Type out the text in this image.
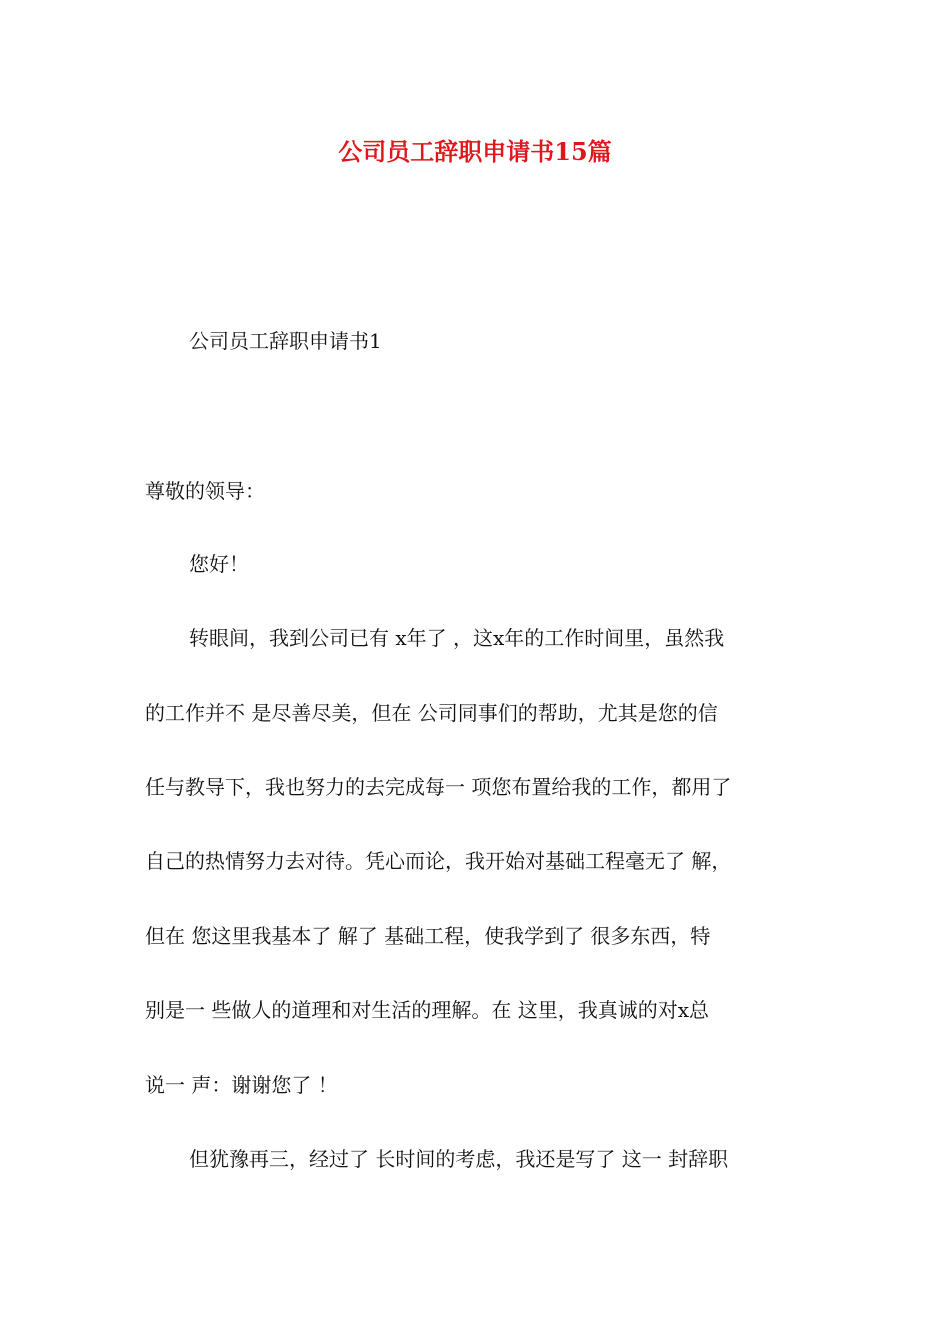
公司员工辞职申请书15篇
公司员工辞职申请书1
尊敬的领导：
您好！
转眼间，我到公司已有 x年了 ，这x年的工作时间里，虽然我
的工作并不 是尽善尽美，但在 公司同事们的帮助，尤其是您的信
任与教导下，我也努力的去完成每一 项您布置给我的工作，都用了
自己的热情努力去对待。凭心而论，我开始对基础工程毫无了 解，
但在 您这里我基本了 解了 基础工程，使我学到了 很多东西，特
别是一 些做人的道理和对生活的理解。在 这里，我真诚的对x总
说一 声：谢谢您了 ！
但犹豫再三，经过了 长时间的考虑，我还是写了 这一 封辞职
